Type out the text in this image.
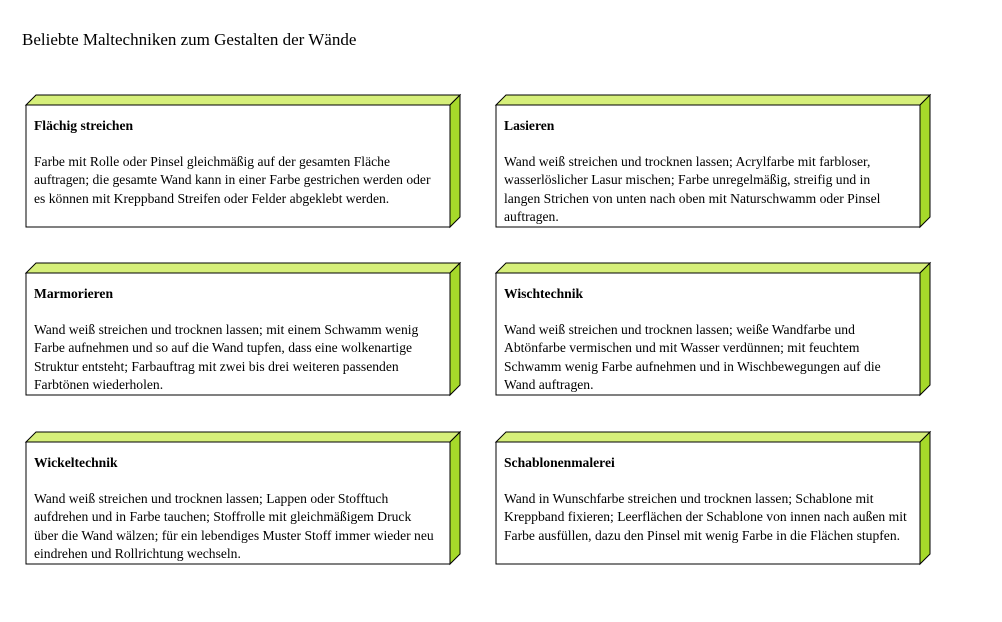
Beliebte Maltechniken zum Gestalten der Wände
Flächig streichen
Farbe mit Rolle oder Pinsel gleichmäßig auf der gesamten Fläche auftragen; die gesamte Wand kann in einer Farbe gestrichen werden oder es können mit Kreppband Streifen oder Felder abgeklebt werden.
Lasieren
Wand weiß streichen und trocknen lassen; Acrylfarbe mit farbloser, wasserlöslicher Lasur mischen; Farbe unregelmäßig, streifig und in langen Strichen von unten nach oben mit Naturschwamm oder Pinsel auftragen.
Marmorieren
Wand weiß streichen und trocknen lassen; mit einem Schwamm wenig Farbe aufnehmen und so auf die Wand tupfen, dass eine wolkenartige Struktur entsteht; Farbauftrag mit zwei bis drei weiteren passenden Farbtönen wiederholen.
Wischtechnik
Wand weiß streichen und trocknen lassen; weiße Wandfarbe und Abtönfarbe vermischen und mit Wasser verdünnen; mit feuchtem Schwamm wenig Farbe aufnehmen und in Wischbewegungen auf die Wand auftragen.
Wickeltechnik
Wand weiß streichen und trocknen lassen; Lappen oder Stofftuch aufdrehen und in Farbe tauchen; Stoffrolle mit gleichmäßigem Druck über die Wand wälzen; für ein lebendiges Muster Stoff immer wieder neu eindrehen und Rollrichtung wechseln.
Schablonenmalerei
Wand in Wunschfarbe streichen und trocknen lassen; Schablone mit Kreppband fixieren; Leerflächen der Schablone von innen nach außen mit Farbe ausfüllen, dazu den Pinsel mit wenig Farbe in die Flächen stupfen.
